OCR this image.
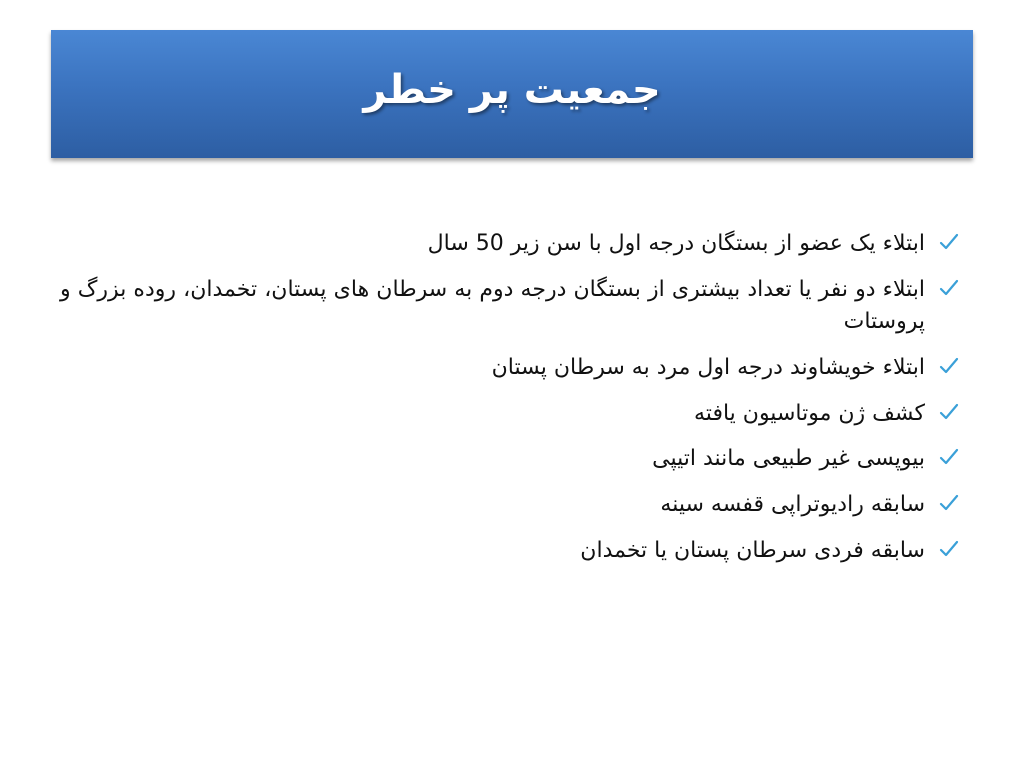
جمعیت پر خطر
ابتلاء یک عضو از بستگان درجه اول با سن زیر 50 سال
ابتلاء دو نفر یا تعداد بیشتری از بستگان درجه دوم به سرطان های پستان، تخمدان، روده بزرگ و پروستات
ابتلاء خویشاوند درجه اول مرد به سرطان پستان
کشف ژن موتاسیون یافته
بیوپسی غیر طبیعی مانند اتیپی
سابقه رادیوتراپی قفسه سینه
سابقه فردی سرطان پستان یا تخمدان
